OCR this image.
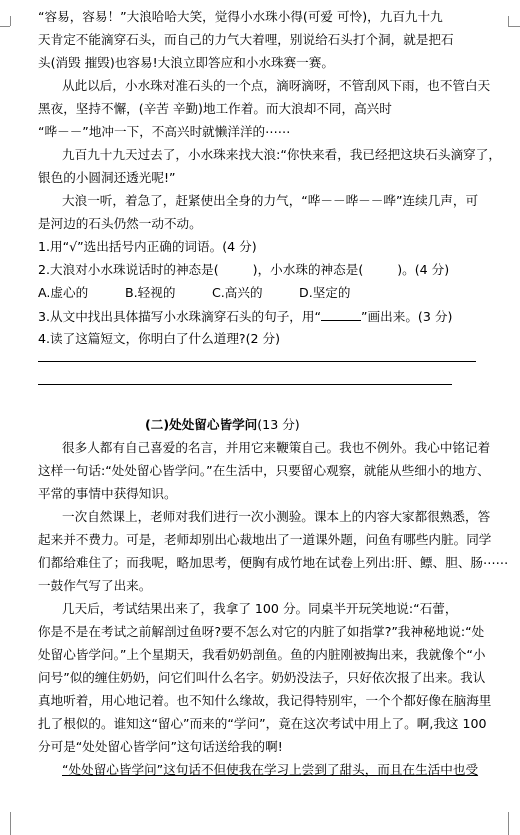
“容易，容易！”大浪哈哈大笑，觉得小水珠小得(可爱 可怜)，九百九十九
天肯定不能滴穿石头，而自己的力气大着哩，别说给石头打个洞，就是把石
头(消毁 摧毁)也容易!大浪立即答应和小水珠赛一赛。
从此以后，小水珠对准石头的一个点，滴呀滴呀，不管刮风下雨，也不管白天
黑夜，坚持不懈，(辛苦 辛勤)地工作着。而大浪却不同，高兴时
“哗－－”地冲一下，不高兴时就懒洋洋的⋯⋯
九百九十九天过去了，小水珠来找大浪:“你快来看，我已经把这块石头滴穿了，
银色的小圆洞还透光呢!”
大浪一听，着急了，赶紧使出全身的力气，“哗－－哗－－哗”连续几声，可
是河边的石头仍然一动不动。
1.用“√”选出括号内正确的词语。(4 分)
2.大浪对小水珠说话时的神态是(	)，小水珠的神态是(	)。(4 分)
A.虚心的	B.轻视的	C.高兴的	D.坚定的
3.从文中找出具体描写小水珠滴穿石头的句子，用“	”画出来。(3 分)
4.读了这篇短文，你明白了什么道理?(2 分)
(二)处处留心皆学问(13 分)
很多人都有自己喜爱的名言，并用它来鞭策自己。我也不例外。我心中铭记着
这样一句话:“处处留心皆学问。”在生活中，只要留心观察，就能从些细小的地方、
平常的事情中获得知识。
一次自然课上，老师对我们进行一次小测验。课本上的内容大家都很熟悉，答
起来并不费力。可是，老师却别出心裁地出了一道课外题，问鱼有哪些内脏。同学
们都给难住了；而我呢，略加思考，便胸有成竹地在试卷上列出:肝、鳔、胆、肠⋯⋯
一鼓作气写了出来。
几天后，考试结果出来了，我拿了 100 分。同桌半开玩笑地说:“石蕾，
你是不是在考试之前解剖过鱼呀?要不怎么对它的内脏了如指掌?”我神秘地说:“处
处留心皆学问。”上个星期天，我看奶奶剖鱼。鱼的内脏刚被掏出来，我就像个“小
问号”似的缠住奶奶，问它们叫什么名字。奶奶没法子，只好依次报了出来。我认
真地听着，用心地记着。也不知什么缘故，我记得特别牢，一个个都好像在脑海里
扎了根似的。谁知这“留心”而来的“学问”，竟在这次考试中用上了。啊,我这 100
分可是“处处留心皆学问”这句话送给我的啊!
“处处留心皆学问”这句话不但使我在学习上尝到了甜头，而且在生活中也受
